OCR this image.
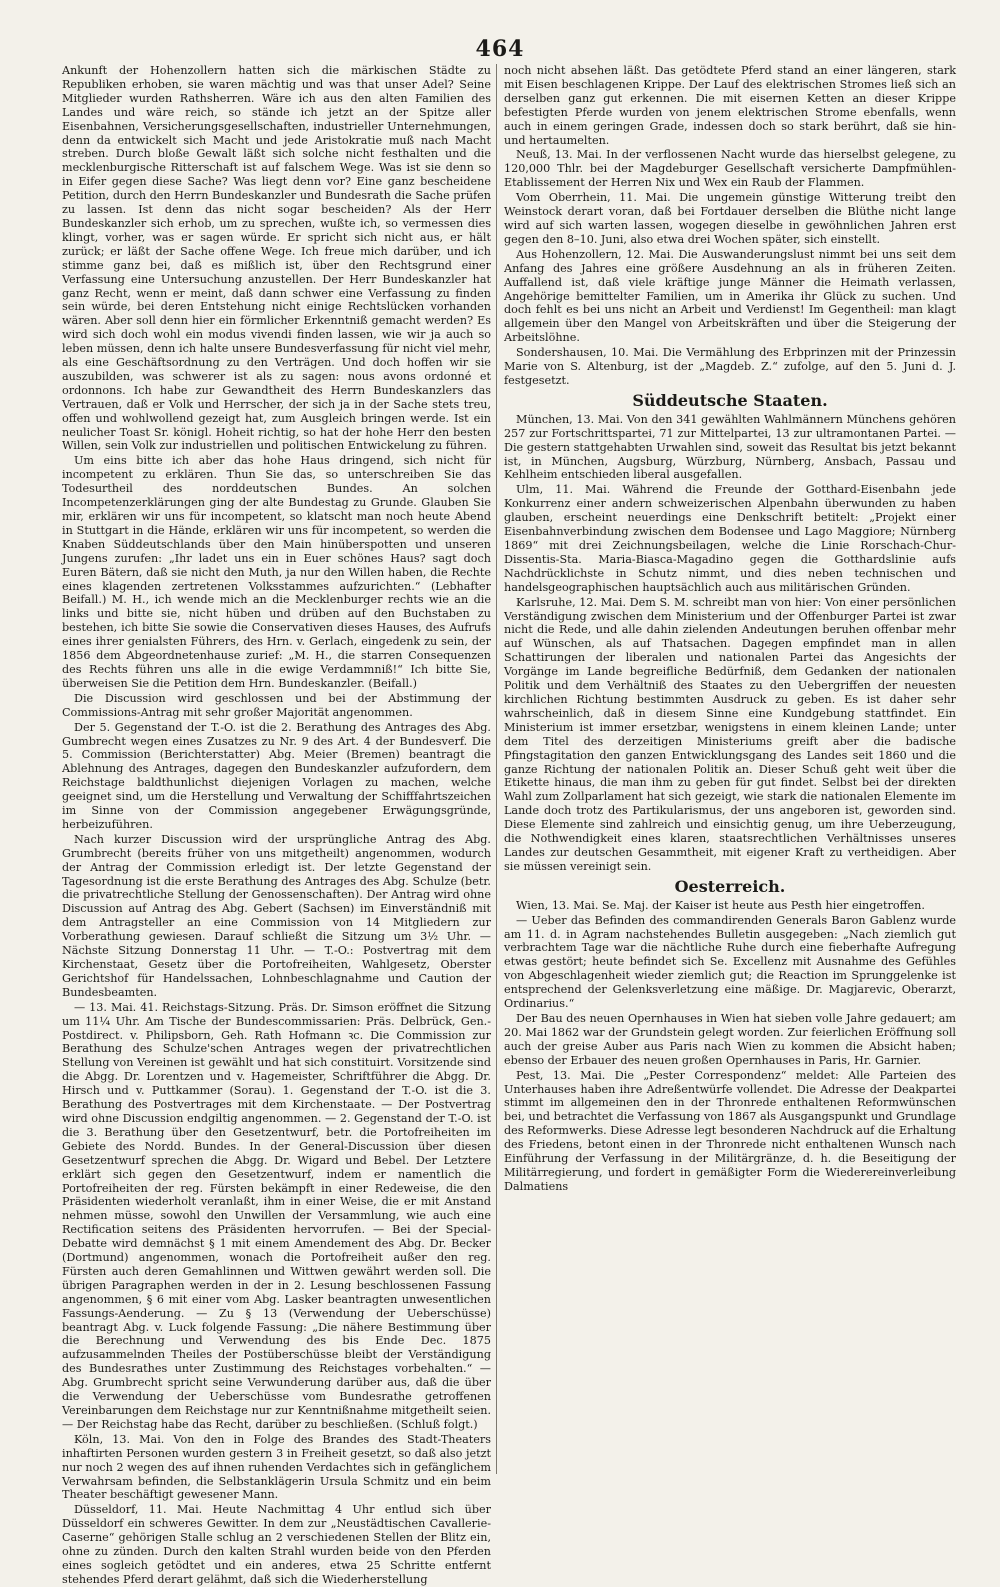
464

Ankunft der Hohenzollern hatten sich die märkischen Städte zu Republiken erhoben, sie waren mächtig und was that unser Adel? Seine Mitglieder wurden Rathsherren. Wäre ich aus den alten Familien des Landes und wäre reich, so stände ich jetzt an der Spitze aller Eisenbahnen, Versicherungsgesellschaften, industrieller Unternehmungen, denn da entwickelt sich Macht und jede Aristokratie muß nach Macht streben. Durch bloße Gewalt läßt sich solche nicht festhalten und die mecklenburgische Ritterschaft ist auf falschem Wege. Was ist sie denn so in Eifer gegen diese Sache? Was liegt denn vor? Eine ganz bescheidene Petition, durch den Herrn Bundeskanzler und Bundesrath die Sache prüfen zu lassen. Ist denn das nicht sogar bescheiden? Als der Herr Bundeskanzler sich erhob, um zu sprechen, wußte ich, so vermessen dies klingt, vorher, was er sagen würde. Er spricht sich nicht aus, er hält zurück; er läßt der Sache offene Wege. Ich freue mich darüber, und ich stimme ganz bei, daß es mißlich ist, über den Rechtsgrund einer Verfassung eine Untersuchung anzustellen. Der Herr Bundeskanzler hat ganz Recht, wenn er meint, daß dann schwer eine Verfassung zu finden sein würde, bei deren Entstehung nicht einige Rechtslücken vorhanden wären. Aber soll denn hier ein förmlicher Erkenntniß gemacht werden? Es wird sich doch wohl ein modus vivendi finden lassen, wie wir ja auch so leben müssen, denn ich halte unsere Bundesverfassung für nicht viel mehr, als eine Geschäftsordnung zu den Verträgen. Und doch hoffen wir sie auszubilden, was schwerer ist als zu sagen: nous avons ordonné et ordonnons. Ich habe zur Gewandtheit des Herrn Bundeskanzlers das Vertrauen, daß er Volk und Herrscher, der sich ja in der Sache stets treu, offen und wohlwollend gezeigt hat, zum Ausgleich bringen werde. Ist ein neulicher Toast Sr. königl. Hoheit richtig, so hat der hohe Herr den besten Willen, sein Volk zur industriellen und politischen Entwickelung zu führen.

Um eins bitte ich aber das hohe Haus dringend, sich nicht für incompetent zu erklären. Thun Sie das, so unterschreiben Sie das Todesurtheil des norddeutschen Bundes. An solchen Incompetenzerklärungen ging der alte Bundestag zu Grunde. Glauben Sie mir, erklären wir uns für incompetent, so klatscht man noch heute Abend in Stuttgart in die Hände, erklären wir uns für incompetent, so werden die Knaben Süddeutschlands über den Main hinüberspotten und unseren Jungens zurufen: „Ihr ladet uns ein in Euer schönes Haus? sagt doch Euren Bätern, daß sie nicht den Muth, ja nur den Willen haben, die Rechte eines klagenden zertretenen Volksstammes aufzurichten.“ (Lebhafter Beifall.) M. H., ich wende mich an die Mecklenburger rechts wie an die links und bitte sie, nicht hüben und drüben auf den Buchstaben zu bestehen, ich bitte Sie sowie die Conservativen dieses Hauses, des Aufrufs eines ihrer genialsten Führers, des Hrn. v. Gerlach, eingedenk zu sein, der 1856 dem Abgeordnetenhause zurief: „M. H., die starren Consequenzen des Rechts führen uns alle in die ewige Verdammniß!“ Ich bitte Sie, überweisen Sie die Petition dem Hrn. Bundeskanzler. (Beifall.)

Die Discussion wird geschlossen und bei der Abstimmung der Commissions-Antrag mit sehr großer Majorität angenommen.

Der 5. Gegenstand der T.-O. ist die 2. Berathung des Antrages des Abg. Gumbrecht wegen eines Zusatzes zu Nr. 9 des Art. 4 der Bundesverf. Die 5. Commission (Berichterstatter) Abg. Meier (Bremen) beantragt die Ablehnung des Antrages, dagegen den Bundeskanzler aufzufordern, dem Reichstage baldthunlichst diejenigen Vorlagen zu machen, welche geeignet sind, um die Herstellung und Verwaltung der Schifffahrtszeichen im Sinne von der Commission angegebener Erwägungsgründe, herbeizuführen.

Nach kurzer Discussion wird der ursprüngliche Antrag des Abg. Grumbrecht (bereits früher von uns mitgetheilt) angenommen, wodurch der Antrag der Commission erledigt ist. Der letzte Gegenstand der Tagesordnung ist die erste Berathung des Antrages des Abg. Schulze (betr. die privatrechtliche Stellung der Genossenschaften). Der Antrag wird ohne Discussion auf Antrag des Abg. Gebert (Sachsen) im Einverständniß mit dem Antragsteller an eine Commission von 14 Mitgliedern zur Vorberathung gewiesen. Darauf schließt die Sitzung um 3½ Uhr. — Nächste Sitzung Donnerstag 11 Uhr. — T.-O.: Postvertrag mit dem Kirchenstaat, Gesetz über die Portofreiheiten, Wahlgesetz, Oberster Gerichtshof für Handelssachen, Lohnbeschlagnahme und Caution der Bundesbeamten.

— 13. Mai. 41. Reichstags-Sitzung. Präs. Dr. Simson eröffnet die Sitzung um 11¼ Uhr. Am Tische der Bundescommissarien: Präs. Delbrück, Gen.-Postdirect. v. Philipsborn, Geh. Rath Hofmann ꝛc. Die Commission zur Berathung des Schulze'schen Antrages wegen der privatrechtlichen Stellung von Vereinen ist gewählt und hat sich constituirt. Vorsitzende sind die Abgg. Dr. Lorentzen und v. Hagemeister, Schriftführer die Abgg. Dr. Hirsch und v. Puttkammer (Sorau). 1. Gegenstand der T.-O. ist die 3. Berathung des Postvertrages mit dem Kirchenstaate. — Der Postvertrag wird ohne Discussion endgiltig angenommen. — 2. Gegenstand der T.-O. ist die 3. Berathung über den Gesetzentwurf, betr. die Portofreiheiten im Gebiete des Nordd. Bundes. In der General-Discussion über diesen Gesetzentwurf sprechen die Abgg. Dr. Wigard und Bebel. Der Letztere erklärt sich gegen den Gesetzentwurf, indem er namentlich die Portofreiheiten der reg. Fürsten bekämpft in einer Redeweise, die den Präsidenten wiederholt veranlaßt, ihm in einer Weise, die er mit Anstand nehmen müsse, sowohl den Unwillen der Versammlung, wie auch eine Rectification seitens des Präsidenten hervorrufen. — Bei der Special-Debatte wird demnächst § 1 mit einem Amendement des Abg. Dr. Becker (Dortmund) angenommen, wonach die Portofreiheit außer den reg. Fürsten auch deren Gemahlinnen und Wittwen gewährt werden soll. Die übrigen Paragraphen werden in der in 2. Lesung beschlossenen Fassung angenommen, § 6 mit einer vom Abg. Lasker beantragten unwesentlichen Fassungs-Aenderung. — Zu § 13 (Verwendung der Ueberschüsse) beantragt Abg. v. Luck folgende Fassung: „Die nähere Bestimmung über die Berechnung und Verwendung des bis Ende Dec. 1875 aufzusammelnden Theiles der Postüberschüsse bleibt der Verständigung des Bundesrathes unter Zustimmung des Reichstages vorbehalten.“ — Abg. Grumbrecht spricht seine Verwunderung darüber aus, daß die über die Verwendung der Ueberschüsse vom Bundesrathe getroffenen Vereinbarungen dem Reichstage nur zur Kenntnißnahme mitgetheilt seien. — Der Reichstag habe das Recht, darüber zu beschließen. (Schluß folgt.)

Köln, 13. Mai. Von den in Folge des Brandes des Stadt-Theaters inhaftirten Personen wurden gestern 3 in Freiheit gesetzt, so daß also jetzt nur noch 2 wegen des auf ihnen ruhenden Verdachtes sich in gefänglichem Verwahrsam befinden, die Selbstanklägerin Ursula Schmitz und ein beim Theater beschäftigt gewesener Mann.

Düsseldorf, 11. Mai. Heute Nachmittag 4 Uhr entlud sich über Düsseldorf ein schweres Gewitter. In dem zur „Neustädtischen Cavallerie-Caserne“ gehörigen Stalle schlug an 2 verschiedenen Stellen der Blitz ein, ohne zu zünden. Durch den kalten Strahl wurden beide von den Pferden eines sogleich getödtet und ein anderes, etwa 25 Schritte entfernt stehendes Pferd derart gelähmt, daß sich die Wiederherstellung

noch nicht absehen läßt. Das getödtete Pferd stand an einer längeren, stark mit Eisen beschlagenen Krippe. Der Lauf des elektrischen Stromes ließ sich an derselben ganz gut erkennen. Die mit eisernen Ketten an dieser Krippe befestigten Pferde wurden von jenem elektrischen Strome ebenfalls, wenn auch in einem geringen Grade, indessen doch so stark berührt, daß sie hin- und hertaumelten.

Neuß, 13. Mai. In der verflossenen Nacht wurde das hierselbst gelegene, zu 120,000 Thlr. bei der Magdeburger Gesellschaft versicherte Dampfmühlen-Etablissement der Herren Nix und Wex ein Raub der Flammen.

Vom Oberrhein, 11. Mai. Die ungemein günstige Witterung treibt den Weinstock derart voran, daß bei Fortdauer derselben die Blüthe nicht lange wird auf sich warten lassen, wogegen dieselbe in gewöhnlichen Jahren erst gegen den 8–10. Juni, also etwa drei Wochen später, sich einstellt.

Aus Hohenzollern, 12. Mai. Die Auswanderungslust nimmt bei uns seit dem Anfang des Jahres eine größere Ausdehnung an als in früheren Zeiten. Auffallend ist, daß viele kräftige junge Männer die Heimath verlassen, Angehörige bemittelter Familien, um in Amerika ihr Glück zu suchen. Und doch fehlt es bei uns nicht an Arbeit und Verdienst! Im Gegentheil: man klagt allgemein über den Mangel von Arbeitskräften und über die Steigerung der Arbeitslöhne.

Sondershausen, 10. Mai. Die Vermählung des Erbprinzen mit der Prinzessin Marie von S. Altenburg, ist der „Magdeb. Z.“ zufolge, auf den 5. Juni d. J. festgesetzt.

Süddeutsche Staaten.

München, 13. Mai. Von den 341 gewählten Wahlmännern Münchens gehören 257 zur Fortschrittspartei, 71 zur Mittelpartei, 13 zur ultramontanen Partei. — Die gestern stattgehabten Urwahlen sind, soweit das Resultat bis jetzt bekannt ist, in München, Augsburg, Würzburg, Nürnberg, Ansbach, Passau und Kehlheim entschieden liberal ausgefallen.

Ulm, 11. Mai. Während die Freunde der Gotthard-Eisenbahn jede Konkurrenz einer andern schweizerischen Alpenbahn überwunden zu haben glauben, erscheint neuerdings eine Denkschrift betitelt: „Projekt einer Eisenbahnverbindung zwischen dem Bodensee und Lago Maggiore; Nürnberg 1869“ mit drei Zeichnungsbeilagen, welche die Linie Rorschach-Chur-Dissentis-Sta. Maria-Biasca-Magadino gegen die Gotthardslinie aufs Nachdrücklichste in Schutz nimmt, und dies neben technischen und handelsgeographischen hauptsächlich auch aus militärischen Gründen.

Karlsruhe, 12. Mai. Dem S. M. schreibt man von hier: Von einer persönlichen Verständigung zwischen dem Ministerium und der Offenburger Partei ist zwar nicht die Rede, und alle dahin zielenden Andeutungen beruhen offenbar mehr auf Wünschen, als auf Thatsachen. Dagegen empfindet man in allen Schattirungen der liberalen und nationalen Partei das Angesichts der Vorgänge im Lande begreifliche Bedürfniß, dem Gedanken der nationalen Politik und dem Verhältniß des Staates zu den Uebergriffen der neuesten kirchlichen Richtung bestimmten Ausdruck zu geben. Es ist daher sehr wahrscheinlich, daß in diesem Sinne eine Kundgebung stattfindet. Ein Ministerium ist immer ersetzbar, wenigstens in einem kleinen Lande; unter dem Titel des derzeitigen Ministeriums greift aber die badische Pfingstagitation den ganzen Entwicklungsgang des Landes seit 1860 und die ganze Richtung der nationalen Politik an. Dieser Schuß geht weit über die Etikette hinaus, die man ihm zu geben für gut findet. Selbst bei der direkten Wahl zum Zollparlament hat sich gezeigt, wie stark die nationalen Elemente im Lande doch trotz des Partikularismus, der uns angeboren ist, geworden sind. Diese Elemente sind zahlreich und einsichtig genug, um ihre Ueberzeugung, die Nothwendigkeit eines klaren, staatsrechtlichen Verhältnisses unseres Landes zur deutschen Gesammtheit, mit eigener Kraft zu vertheidigen. Aber sie müssen vereinigt sein.

Oesterreich.

Wien, 13. Mai. Se. Maj. der Kaiser ist heute aus Pesth hier eingetroffen.

— Ueber das Befinden des commandirenden Generals Baron Gablenz wurde am 11. d. in Agram nachstehendes Bulletin ausgegeben: „Nach ziemlich gut verbrachtem Tage war die nächtliche Ruhe durch eine fieberhafte Aufregung etwas gestört; heute befindet sich Se. Excellenz mit Ausnahme des Gefühles von Abgeschlagenheit wieder ziemlich gut; die Reaction im Sprunggelenke ist entsprechend der Gelenksverletzung eine mäßige. Dr. Magjarevic, Oberarzt, Ordinarius.“

Der Bau des neuen Opernhauses in Wien hat sieben volle Jahre gedauert; am 20. Mai 1862 war der Grundstein gelegt worden. Zur feierlichen Eröffnung soll auch der greise Auber aus Paris nach Wien zu kommen die Absicht haben; ebenso der Erbauer des neuen großen Opernhauses in Paris, Hr. Garnier.

Pest, 13. Mai. Die „Pester Correspondenz“ meldet: Alle Parteien des Unterhauses haben ihre Adreßentwürfe vollendet. Die Adresse der Deakpartei stimmt im allgemeinen den in der Thronrede enthaltenen Reformwünschen bei, und betrachtet die Verfassung von 1867 als Ausgangspunkt und Grundlage des Reformwerks. Diese Adresse legt besonderen Nachdruck auf die Erhaltung des Friedens, betont einen in der Thronrede nicht enthaltenen Wunsch nach Einführung der Verfassung in der Militärgränze, d. h. die Beseitigung der Militärregierung, und fordert in gemäßigter Form die Wiederereinverleibung Dalmatiens
